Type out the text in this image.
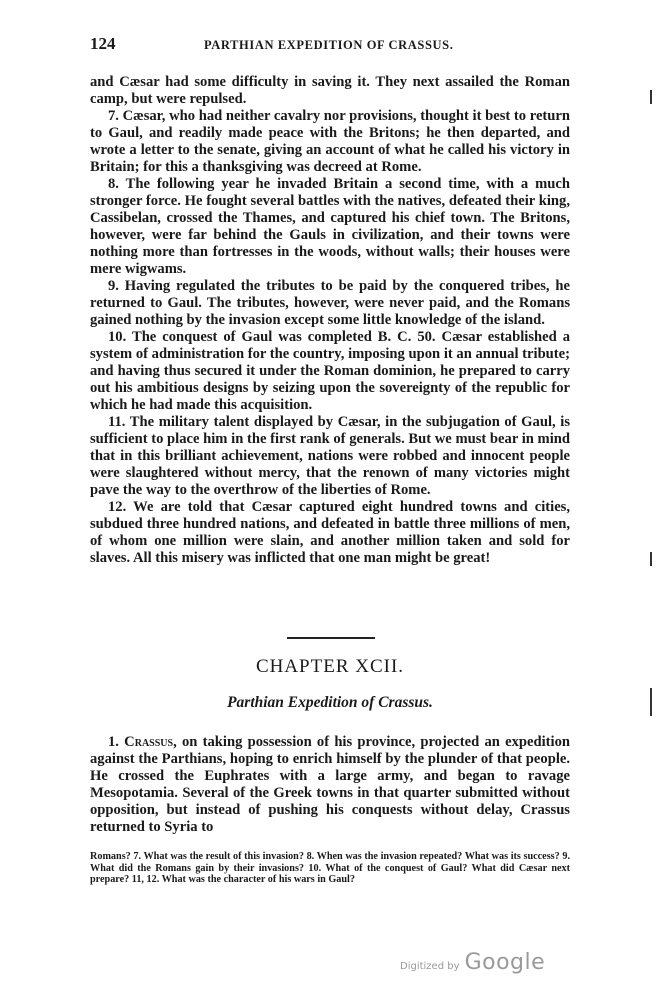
124	PARTHIAN EXPEDITION OF CRASSUS.

and Cæsar had some difficulty in saving it. They next assailed the Roman camp, but were repulsed.

7. Cæsar, who had neither cavalry nor provisions, thought it best to return to Gaul, and readily made peace with the Britons; he then departed, and wrote a letter to the senate, giving an account of what he called his victory in Britain; for this a thanksgiving was decreed at Rome.

8. The following year he invaded Britain a second time, with a much stronger force. He fought several battles with the natives, defeated their king, Cassibelan, crossed the Thames, and captured his chief town. The Britons, however, were far behind the Gauls in civilization, and their towns were nothing more than fortresses in the woods, without walls; their houses were mere wigwams.

9. Having regulated the tributes to be paid by the conquered tribes, he returned to Gaul. The tributes, however, were never paid, and the Romans gained nothing by the invasion except some little knowledge of the island.

10. The conquest of Gaul was completed B. C. 50. Cæsar established a system of administration for the country, imposing upon it an annual tribute; and having thus secured it under the Roman dominion, he prepared to carry out his ambitious designs by seizing upon the sovereignty of the republic for which he had made this acquisition.

11. The military talent displayed by Cæsar, in the subjugation of Gaul, is sufficient to place him in the first rank of generals. But we must bear in mind that in this brilliant achievement, nations were robbed and innocent people were slaughtered without mercy, that the renown of many victories might pave the way to the overthrow of the liberties of Rome.

12. We are told that Cæsar captured eight hundred towns and cities, subdued three hundred nations, and defeated in battle three millions of men, of whom one million were slain, and another million taken and sold for slaves. All this misery was inflicted that one man might be great!

CHAPTER XCII.
Parthian Expedition of Crassus.

1. Crassus, on taking possession of his province, projected an expedition against the Parthians, hoping to enrich himself by the plunder of that people. He crossed the Euphrates with a large army, and began to ravage Mesopotamia. Several of the Greek towns in that quarter submitted without opposition, but instead of pushing his conquests without delay, Crassus returned to Syria to

Romans? 7. What was the result of this invasion? 8. When was the invasion repeated? What was its success? 9. What did the Romans gain by their invasions? 10. What of the conquest of Gaul? What did Cæsar next prepare? 11, 12. What was the character of his wars in Gaul?

Digitized by Google
